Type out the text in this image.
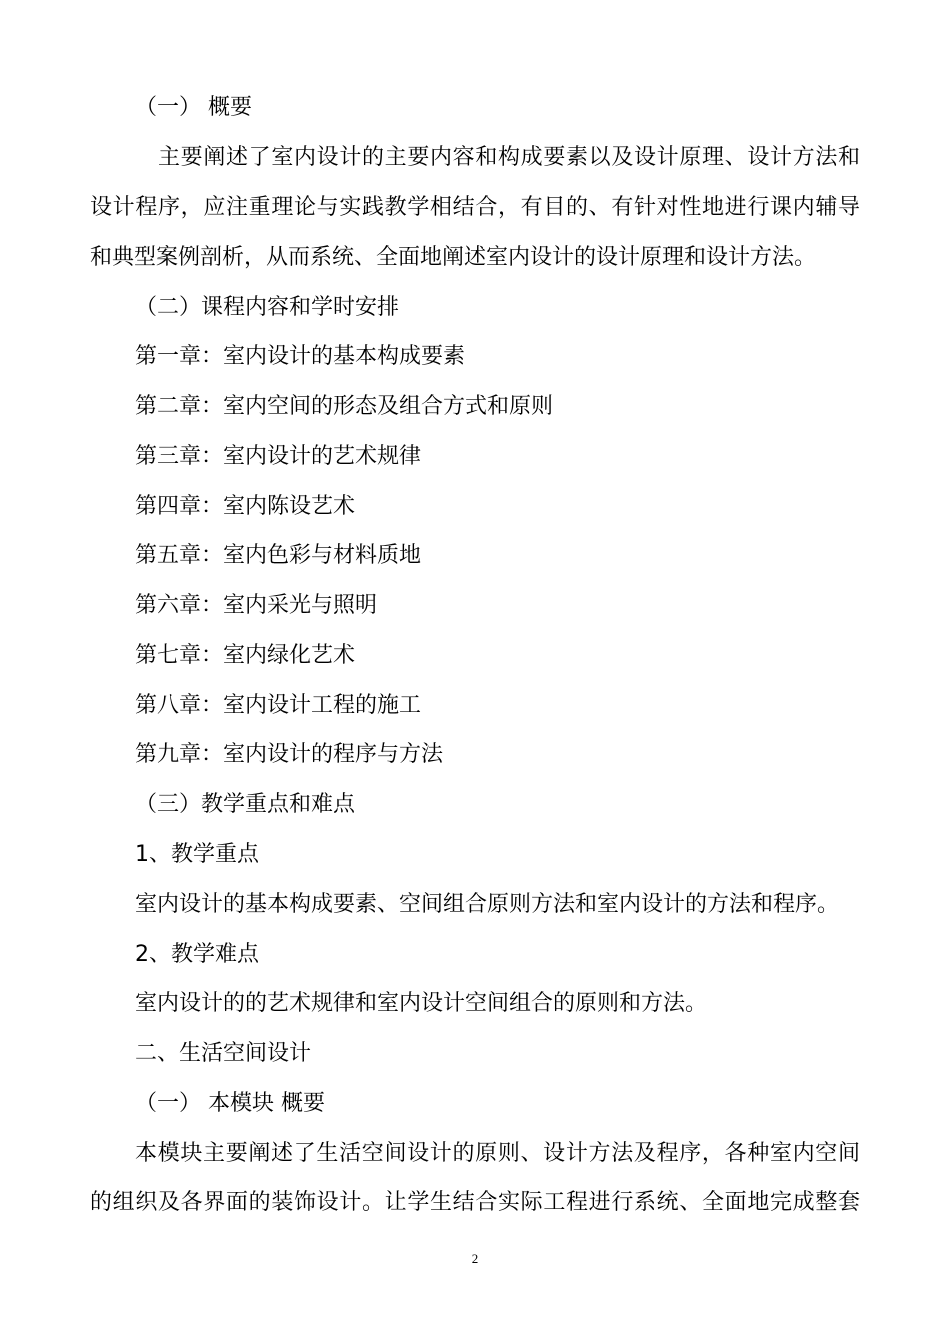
（一） 概要
主要阐述了室内设计的主要内容和构成要素以及设计原理、设计方法和
设计程序，应注重理论与实践教学相结合，有目的、有针对性地进行课内辅导
和典型案例剖析，从而系统、全面地阐述室内设计的设计原理和设计方法。
（二）课程内容和学时安排
第一章：室内设计的基本构成要素
第二章：室内空间的形态及组合方式和原则
第三章：室内设计的艺术规律
第四章：室内陈设艺术
第五章：室内色彩与材料质地
第六章：室内采光与照明
第七章：室内绿化艺术
第八章：室内设计工程的施工
第九章：室内设计的程序与方法
（三）教学重点和难点
1、教学重点
室内设计的基本构成要素、空间组合原则方法和室内设计的方法和程序。
2、教学难点
室内设计的的艺术规律和室内设计空间组合的原则和方法。
二、生活空间设计
（一） 本模块 概要
本模块主要阐述了生活空间设计的原则、设计方法及程序，各种室内空间
的组织及各界面的装饰设计。让学生结合实际工程进行系统、全面地完成整套
2
